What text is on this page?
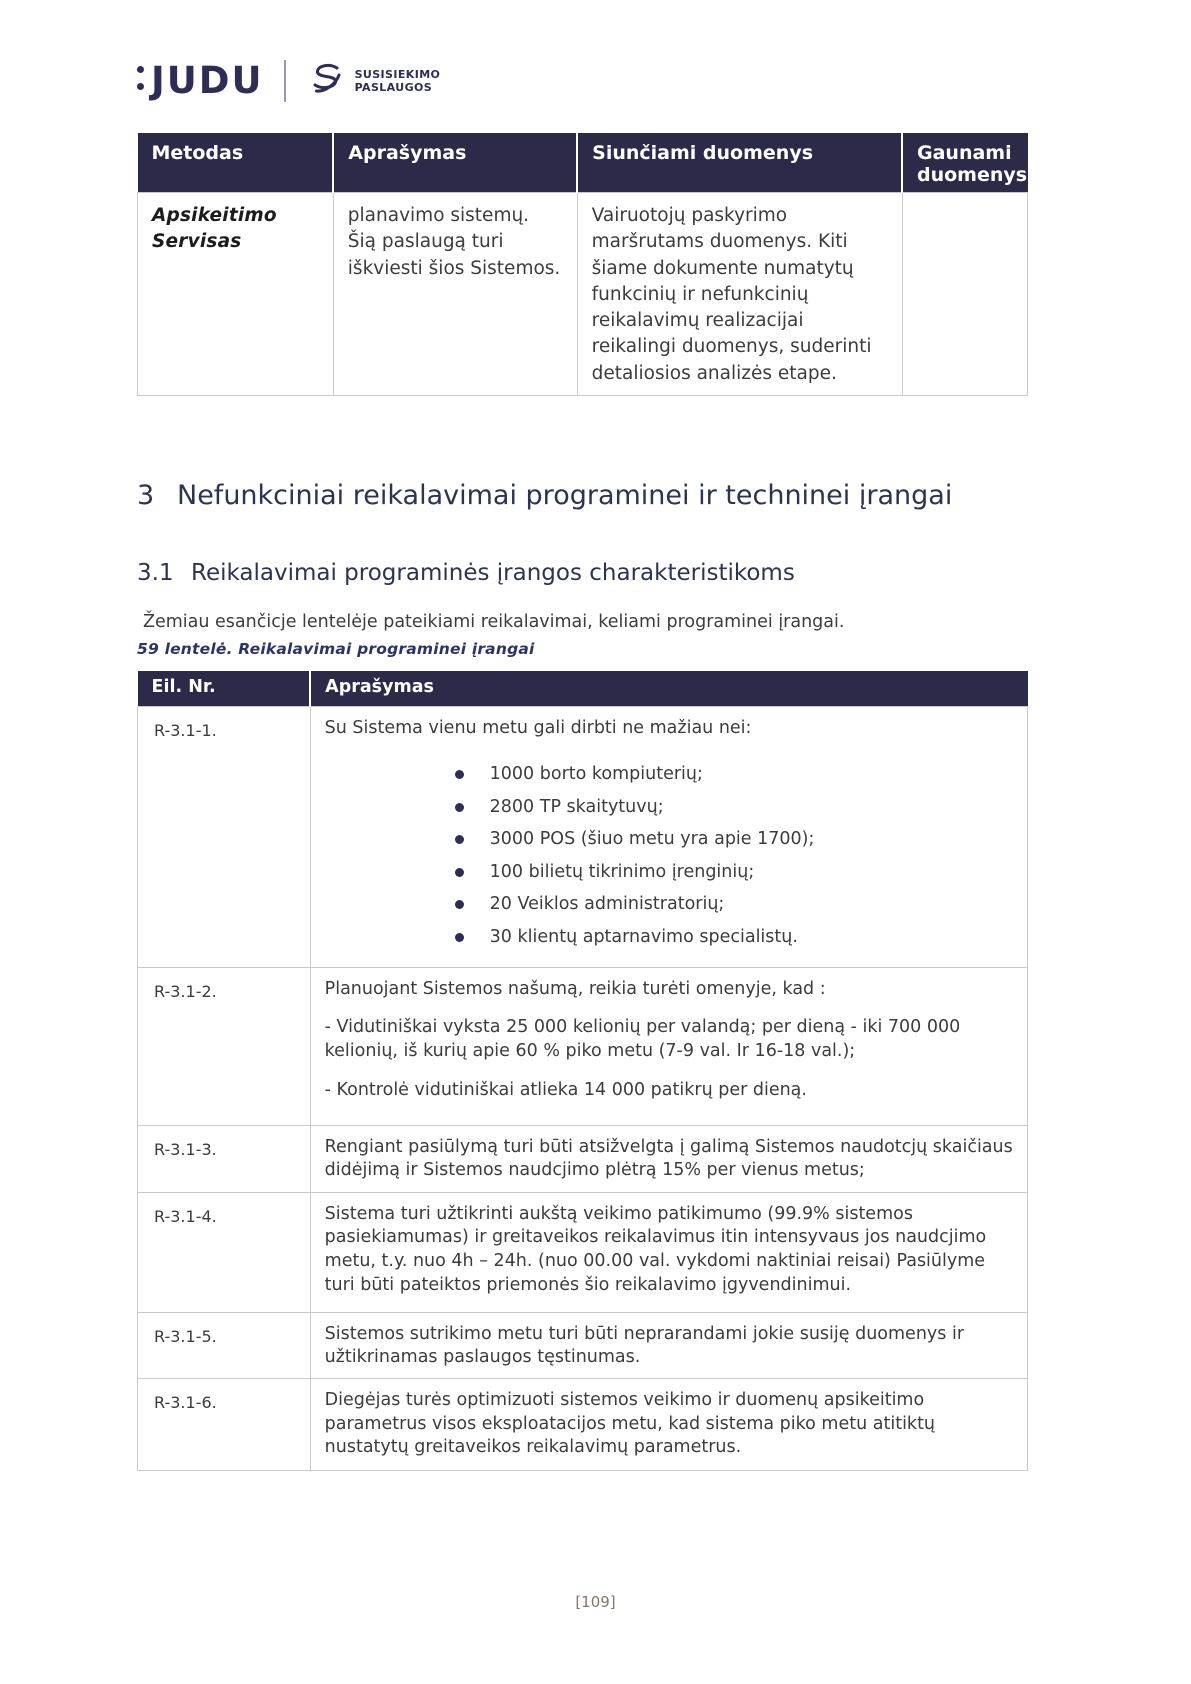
JUDU	SUSISIEKIMO
PASLAUGOS
Metodas	Aprašymas	Siunčiami duomenys	Gaunami duomenys
Apsikeitimo Servisas	planavimo sistemų. Šią paslaugą turi iškviesti šios Sistemos.	Vairuotojų paskyrimo maršrutams duomenys. Kiti šiame dokumente numatytų funkcinių ir nefunkcinių reikalavimų realizacijai reikalingi duomenys, suderinti detaliosios analizės etape.	
3 Nefunkciniai reikalavimai programinei ir techninei įrangai
3.1 Reikalavimai programinės įrangos charakteristikoms
Žemiau esančicje lentelėje pateikiami reikalavimai, keliami programinei įrangai.
59 lentelė. Reikalavimai programinei įrangai
Eil. Nr.	Aprašymas
R-3.1-1.	Su Sistema vienu metu gali dirbti ne mažiau nei:

1000 borto kompiuterių;
2800 TP skaitytuvų;
3000 POS (šiuo metu yra apie 1700);
100 bilietų tikrinimo įrenginių;
20 Veiklos administratorių;
30 klientų aptarnavimo specialistų.

R-3.1-2.	Planuojant Sistemos našumą, reikia turėti omenyje, kad :

- Vidutiniškai vyksta 25 000 kelionių per valandą; per dieną - iki 700 000 kelionių, iš kurių apie 60 % piko metu (7-9 val. Ir 16-18 val.);

- Kontrolė vidutiniškai atlieka 14 000 patikrų per dieną.

R-3.1-3.	Rengiant pasiūlymą turi būti atsižvelgta į galimą Sistemos naudotcjų skaičiaus didėjimą ir Sistemos naudcjimo plėtrą 15% per vienus metus;

R-3.1-4.	Sistema turi užtikrinti aukštą veikimo patikimumo (99.9% sistemos pasiekiamumas) ir greitaveikos reikalavimus itin intensyvaus jos naudcjimo metu, t.y. nuo 4h – 24h. (nuo 00.00 val. vykdomi naktiniai reisai) Pasiūlyme turi būti pateiktos priemonės šio reikalavimo įgyvendinimui.

R-3.1-5.	Sistemos sutrikimo metu turi būti neprarandami jokie susiję duomenys ir užtikrinamas paslaugos tęstinumas.

R-3.1-6.	Diegėjas turės optimizuoti sistemos veikimo ir duomenų apsikeitimo parametrus visos eksploatacijos metu, kad sistema piko metu atitiktų nustatytų greitaveikos reikalavimų parametrus.

[109]
